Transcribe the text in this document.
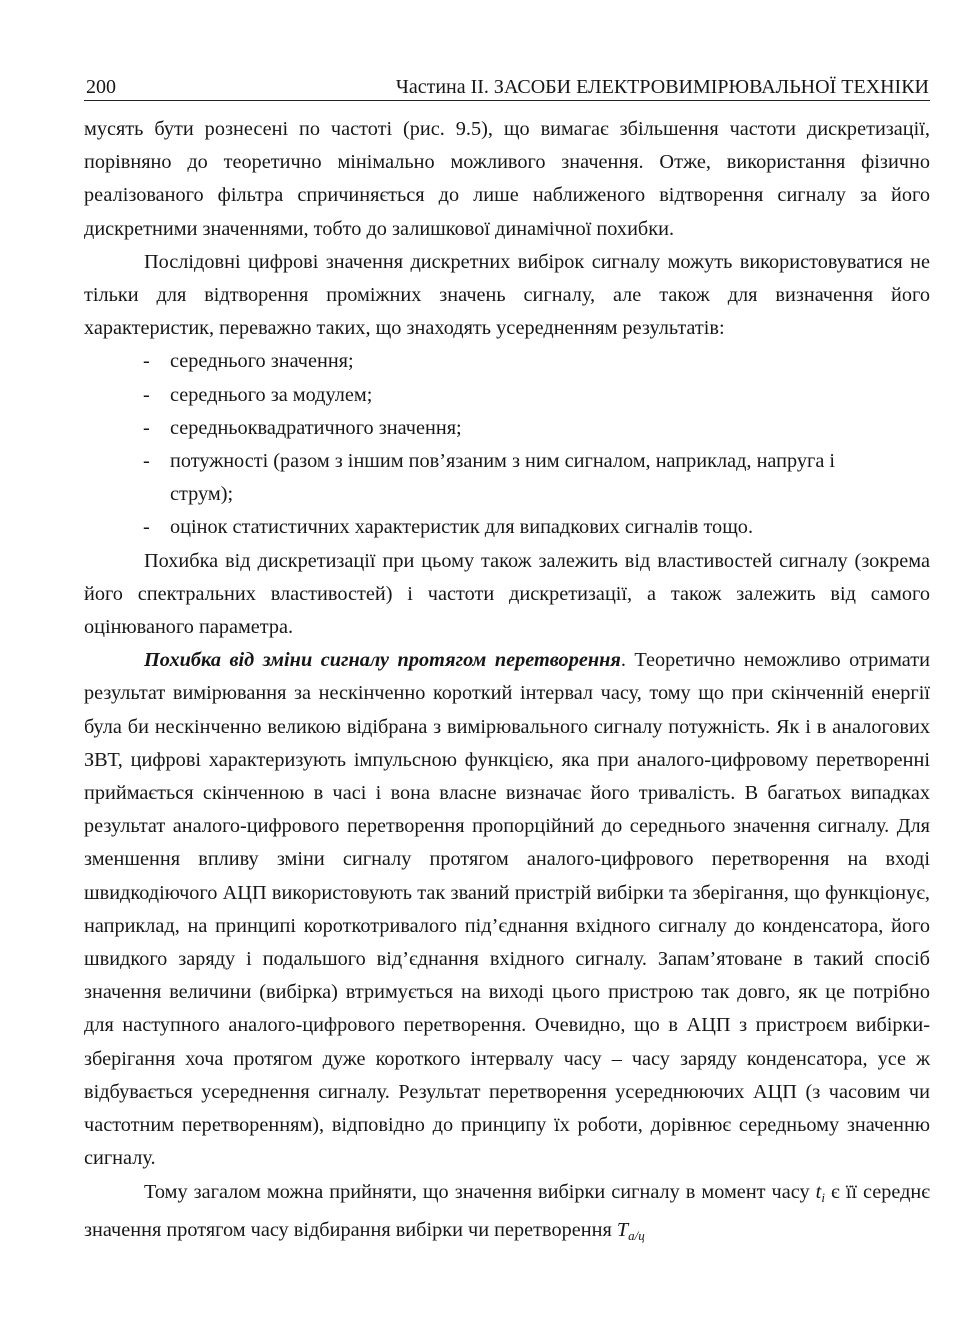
200	Частина II. ЗАСОБИ ЕЛЕКТРОВИМІРЮВАЛЬНОЇ ТЕХНІКИ

мусять бути рознесені по частоті (рис. 9.5), що вимагає збільшення частоти дискретизації, порівняно до теоретично мінімально можливого значення. Отже, використання фізично реалізованого фільтра спричиняється до лише наближеного відтворення сигналу за його дискретними значеннями, тобто до залишкової динамічної похибки.

Послідовні цифрові значення дискретних вибірок сигналу можуть використовуватися не тільки для відтворення проміжних значень сигналу, але також для визначення його характеристик, переважно таких, що знаходять усередненням результатів:

- середнього значення;
- середнього за модулем;
- середньоквадратичного значення;
- потужності (разом з іншим пов’язаним з ним сигналом, наприклад, напруга і струм);
- оцінок статистичних характеристик для випадкових сигналів тощо.

Похибка від дискретизації при цьому також залежить від властивостей сигналу (зокрема його спектральних властивостей) і частоти дискретизації, а також залежить від самого оцінюваного параметра.

Похибка від зміни сигналу протягом перетворення. Теоретично неможливо отримати результат вимірювання за нескінченно короткий інтервал часу, тому що при скінченній енергії була би нескінченно великою відібрана з вимірювального сигналу потужність. Як і в аналогових ЗВТ, цифрові характеризують імпульсною функцією, яка при аналого-цифровому перетворенні приймається скінченною в часі і вона власне визначає його тривалість. В багатьох випадках результат аналого-цифрового перетворення пропорційний до середнього значення сигналу. Для зменшення впливу зміни сигналу протягом аналого-цифрового перетворення на вході швидкодіючого АЦП використовують так званий пристрій вибірки та зберігання, що функціонує, наприклад, на принципі короткотривалого під’єднання вхідного сигналу до конденсатора, його швидкого заряду і подальшого від’єднання вхідного сигналу. Запам’ятоване в такий спосіб значення величини (вибірка) втримується на виході цього пристрою так довго, як це потрібно для наступного аналого-цифрового перетворення. Очевидно, що в АЦП з пристроєм вибірки-зберігання хоча протягом дуже короткого інтервалу часу – часу заряду конденсатора, усе ж відбувається усереднення сигналу. Результат перетворення усереднюючих АЦП (з часовим чи частотним перетворенням), відповідно до принципу їх роботи, дорівнює середньому значенню сигналу.

Тому загалом можна прийняти, що значення вибірки сигналу в момент часу $t_i$ є її середнє значення протягом часу відбирання вибірки чи перетворення $T_{а/ц}$
